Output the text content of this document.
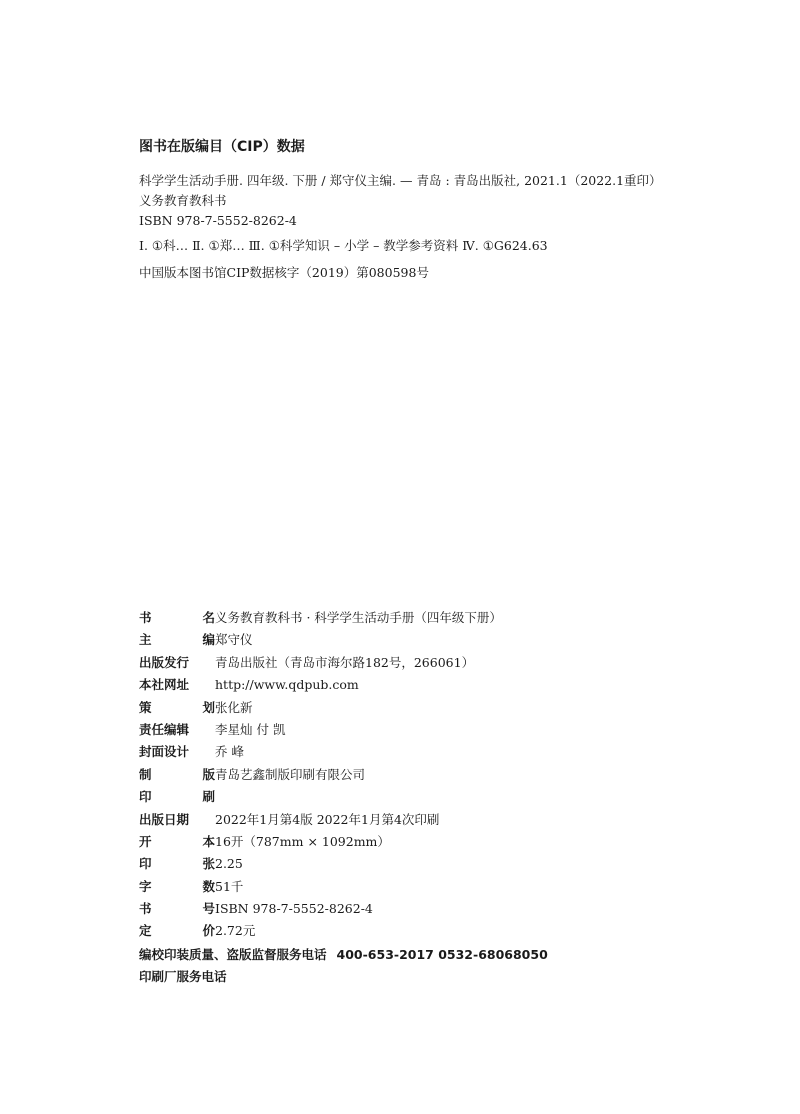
图书在版编目（CIP）数据
科学学生活动手册. 四年级. 下册 / 郑守仪主编. — 青岛 : 青岛出版社, 2021.1（2022.1重印）
义务教育教科书
ISBN 978-7-5552-8262-4
Ⅰ. ①科… Ⅱ. ①郑… Ⅲ. ①科学知识 – 小学 – 教学参考资料 Ⅳ. ①G624.63
中国版本图书馆CIP数据核字（2019）第080598号
书	名 义务教育教科书 · 科学学生活动手册（四年级下册）
主	编 郑守仪
出版发行 青岛出版社（青岛市海尔路182号，266061）
本社网址 http://www.qdpub.com
策	划 张化新
责任编辑 李星灿 付 凯
封面设计 乔 峰
制	版 青岛艺鑫制版印刷有限公司
印	刷
出版日期 2022年1月第4版 2022年1月第4次印刷
开	本 16开（787mm × 1092mm）
印	张 2.25
字	数 51千
书	号 ISBN 978-7-5552-8262-4
定	价 2.72元
编校印装质量、盗版监督服务电话 400-653-2017 0532-68068050
印刷厂服务电话
